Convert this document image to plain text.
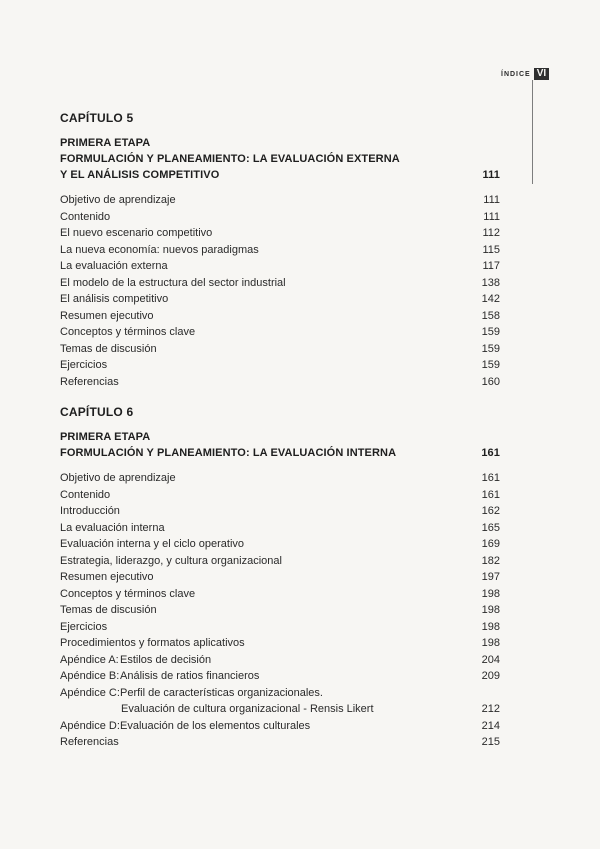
ÍNDICE VI
CAPÍTULO 5
PRIMERA ETAPA
FORMULACIÓN Y PLANEAMIENTO: LA EVALUACIÓN EXTERNA
Y EL ANÁLISIS COMPETITIVO	111
Objetivo de aprendizaje	111
Contenido	111
El nuevo escenario competitivo	112
La nueva economía: nuevos paradigmas	115
La evaluación externa	117
El modelo de la estructura del sector industrial	138
El análisis competitivo	142
Resumen ejecutivo	158
Conceptos y términos clave	159
Temas de discusión	159
Ejercicios	159
Referencias	160
CAPÍTULO 6
PRIMERA ETAPA
FORMULACIÓN Y PLANEAMIENTO: LA EVALUACIÓN INTERNA	161
Objetivo de aprendizaje	161
Contenido	161
Introducción	162
La evaluación interna	165
Evaluación interna y el ciclo operativo	169
Estrategia, liderazgo, y cultura organizacional	182
Resumen ejecutivo	197
Conceptos y términos clave	198
Temas de discusión	198
Ejercicios	198
Procedimientos y formatos aplicativos	198
Apéndice A: Estilos de decisión	204
Apéndice B: Análisis de ratios financieros	209
Apéndice C: Perfil de características organizacionales.
Evaluación de cultura organizacional - Rensis Likert	212
Apéndice D: Evaluación de los elementos culturales	214
Referencias	215
